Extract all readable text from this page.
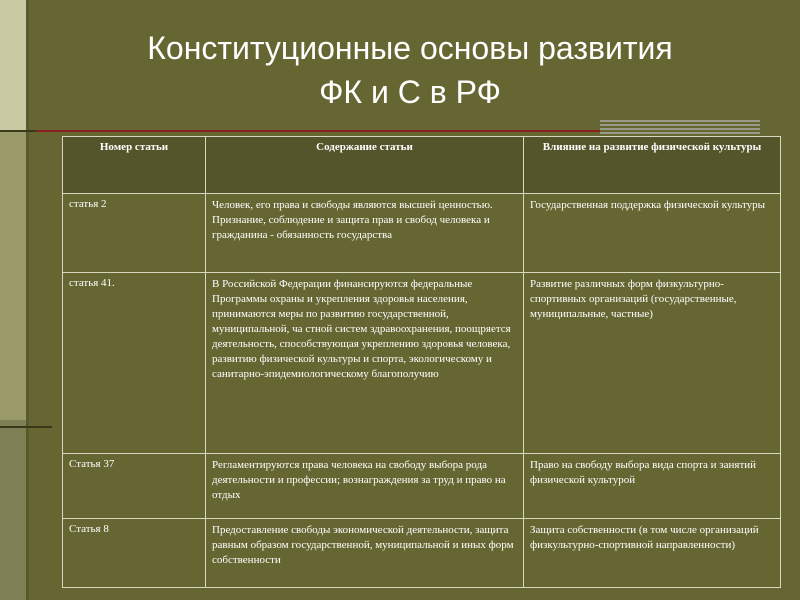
Конституционные основы развития
ФК и С в РФ
Номер статьи	Содержание статьи	Влияние на развитие физической культуры
статья 2	Человек, его права и свободы являются высшей ценностью. Признание, соблюдение и защита прав и свобод человека и гражданина - обязанность государства	Государственная поддержка физической культуры
статья 41.	В Российской Федерации финансируются федеральные Программы охраны и укрепления здоровья населения, принимаются меры по развитию государственной, муниципальной, ча стной систем здравоохранения, поощряется деятельность, способствующая укреплению здоровья человека, развитию физической культуры и спорта, экологическому и санитарно-эпидемиологическому благополучию	Развитие различных форм физкультурно-спортивных организаций (государственные, муниципальные, частные)
Статья 37	Регламентируются права человека на свободу выбора рода деятельности и профессии; вознаграждения за труд и право на отдых	Право на свободу выбора вида спорта и занятий физической культурой
Статья 8	Предоставление свободы экономической деятельности, защита равным образом государственной, муниципальной и иных форм собственности	Защита собственности (в том числе организаций физкультурно-спортивной направленности)
